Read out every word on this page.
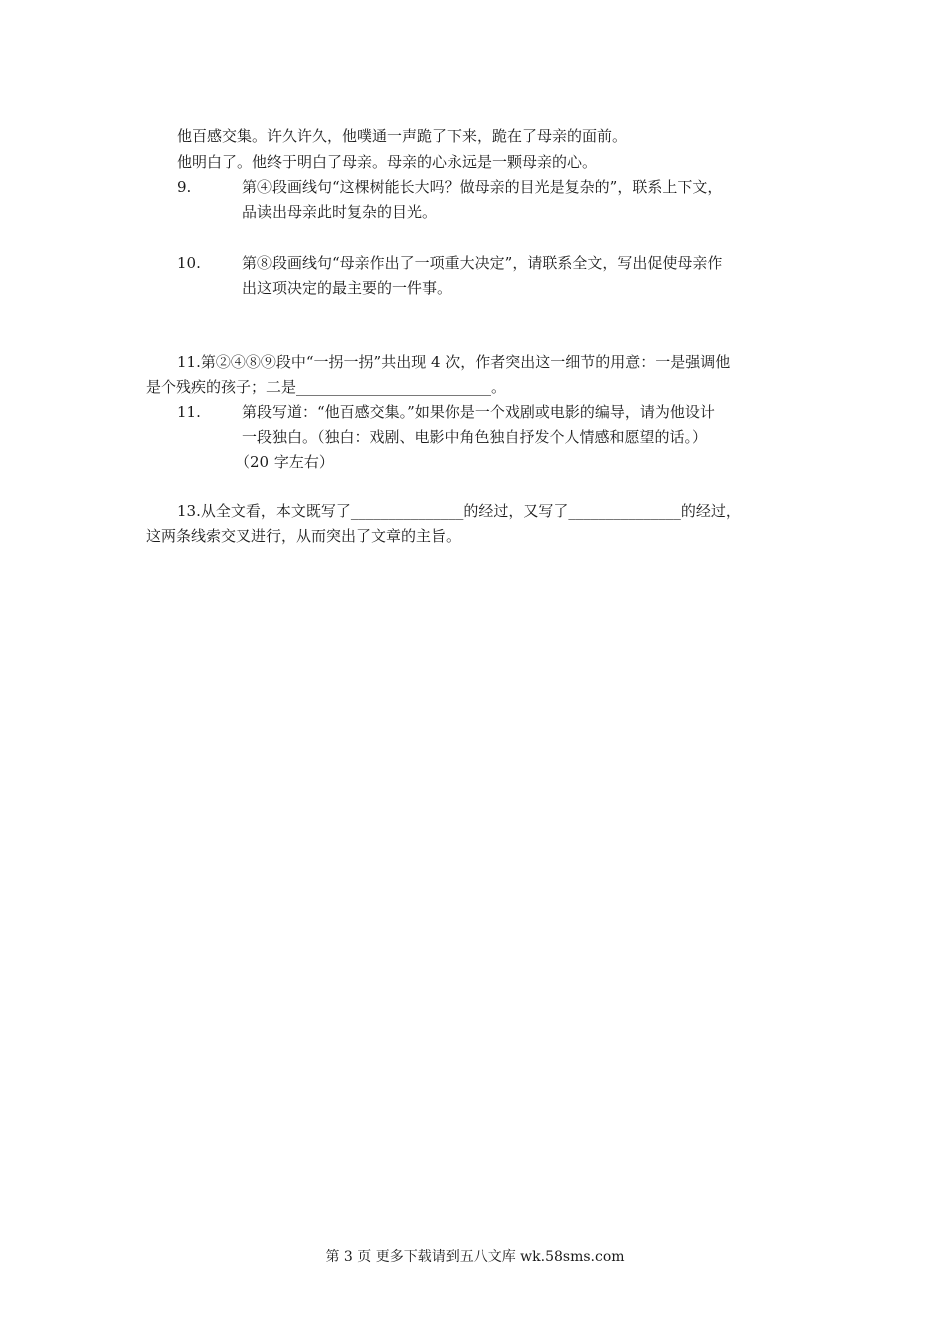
他百感交集。许久许久，他噗通一声跪了下来，跪在了母亲的面前。
他明白了。他终于明白了母亲。母亲的心永远是一颗母亲的心。
9.	第④段画线句“这棵树能长大吗？做母亲的目光是复杂的”，联系上下文，
品读出母亲此时复杂的目光。
10.	第⑧段画线句“母亲作出了一项重大决定”，请联系全文，写出促使母亲作
出这项决定的最主要的一件事。
11.第②④⑧⑨段中“一拐一拐”共出现 4 次，作者突出这一细节的用意：一是强调他
是个残疾的孩子；二是__________________________。
11.	第段写道：“他百感交集。”如果你是一个戏剧或电影的编导，请为他设计
一段独白。（独白：戏剧、电影中角色独自抒发个人情感和愿望的话。）
（20 字左右）
13.从全文看，本文既写了_______________的经过，又写了_______________的经过，
这两条线索交叉进行，从而突出了文章的主旨。
第 3 页 更多下载请到五八文库 wk.58sms.com
